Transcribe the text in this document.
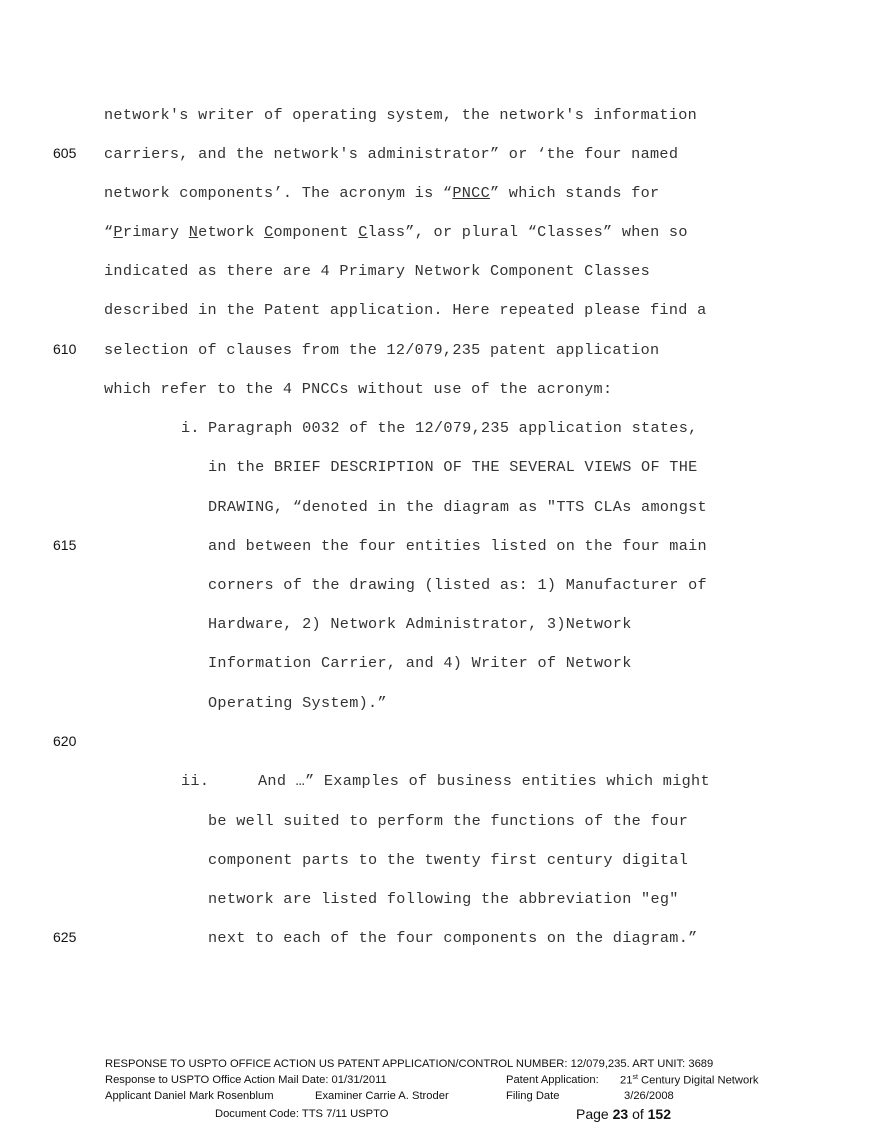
605
610
615
620
625
network's writer of operating system, the network's information
carriers, and the network's administrator” or ‘the four named
network components’. The acronym is “PNCC” which stands for
“Primary Network Component Class”, or plural “Classes” when so
indicated as there are 4 Primary Network Component Classes
described in the Patent application. Here repeated please find a
selection of clauses from the 12/079,235 patent application
which refer to the 4 PNCCs without use of the acronym:
i. Paragraph 0032 of the 12/079,235 application states,
in the BRIEF DESCRIPTION OF THE SEVERAL VIEWS OF THE
DRAWING, “denoted in the diagram as "TTS CLAs amongst
and between the four entities listed on the four main
corners of the drawing (listed as: 1) Manufacturer of
Hardware, 2) Network Administrator, 3)Network
Information Carrier, and 4) Writer of Network
Operating System).”
ii.	And …” Examples of business entities which might
be well suited to perform the functions of the four
component parts to the twenty first century digital
network are listed following the abbreviation "eg"
next to each of the four components on the diagram.”
RESPONSE TO USPTO OFFICE ACTION US PATENT APPLICATION/CONTROL NUMBER: 12/079,235. ART UNIT: 3689
Response to USPTO Office Action Mail Date: 01/31/2011	Patent Application: 21st Century Digital Network
Applicant Daniel Mark Rosenblum	Examiner Carrie A. Stroder	Filing Date	3/26/2008
Document Code: TTS 7/11 USPTO	Page 23 of 152
